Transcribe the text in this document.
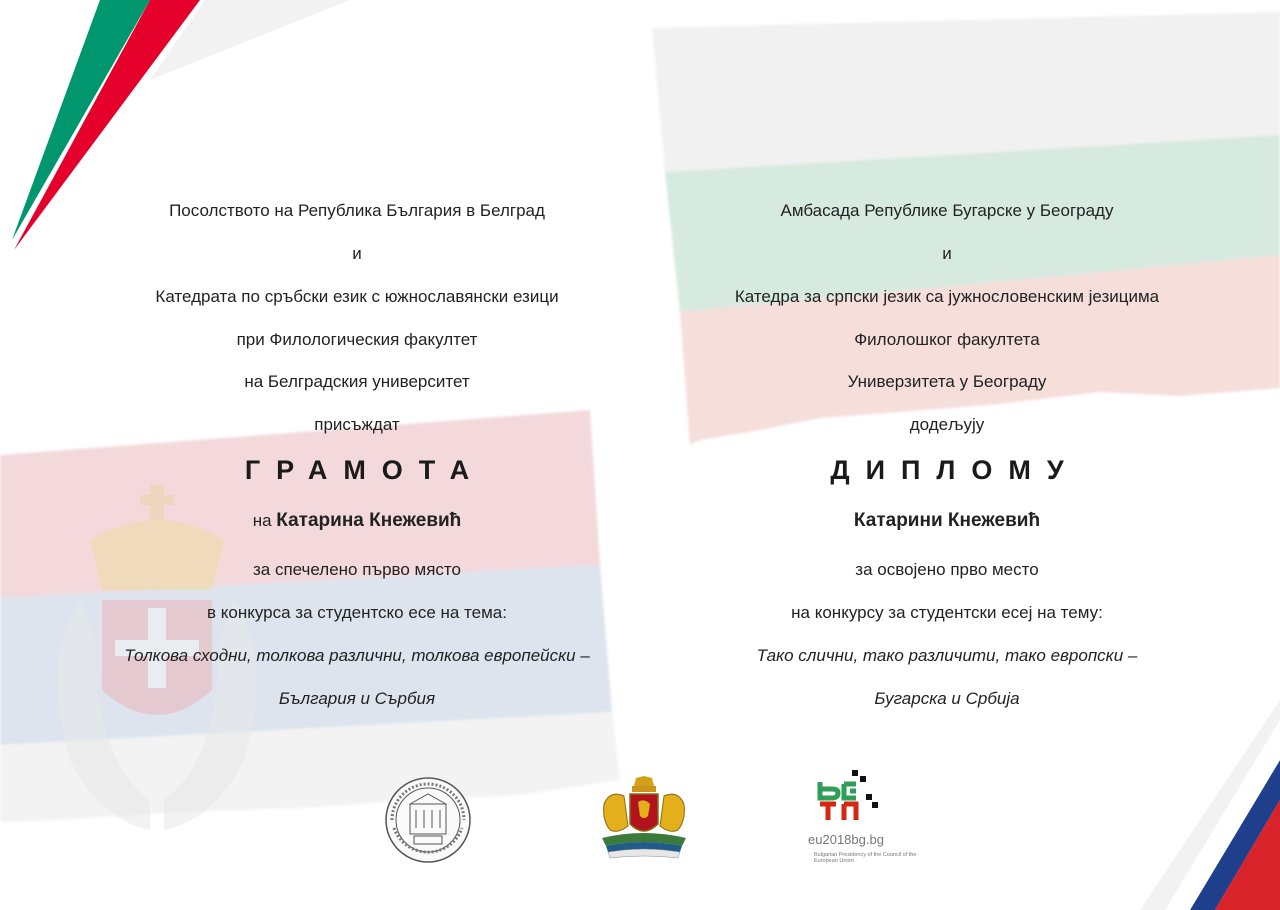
Посолството на Република България в Белград
и
Катедрата по сръбски език с южнославянски езици
при Филологическия факултет
на Белградския университет
присъждат
ГРАМОТА
на Катарина Кнежевић
за спечелено първо място
в конкурса за студентско есе на тема:
Толкова сходни, толкова различни, толкова европейски –
България и Сърбия
Амбасада Републике Бугарске у Београду
и
Катедра за српски језик са јужнословенским језицима
Филолошког факултета
Универзитета у Београду
додељују
ДИПЛОМУ
Катарини Кнежевић
за освојено прво место
на конкурсу за студентски есеј на тему:
Тако слични, тако различити, тако европски –
Бугарска и Србија
eu2018bg.bg
Bulgarian Presidency of the Council of the European Union
